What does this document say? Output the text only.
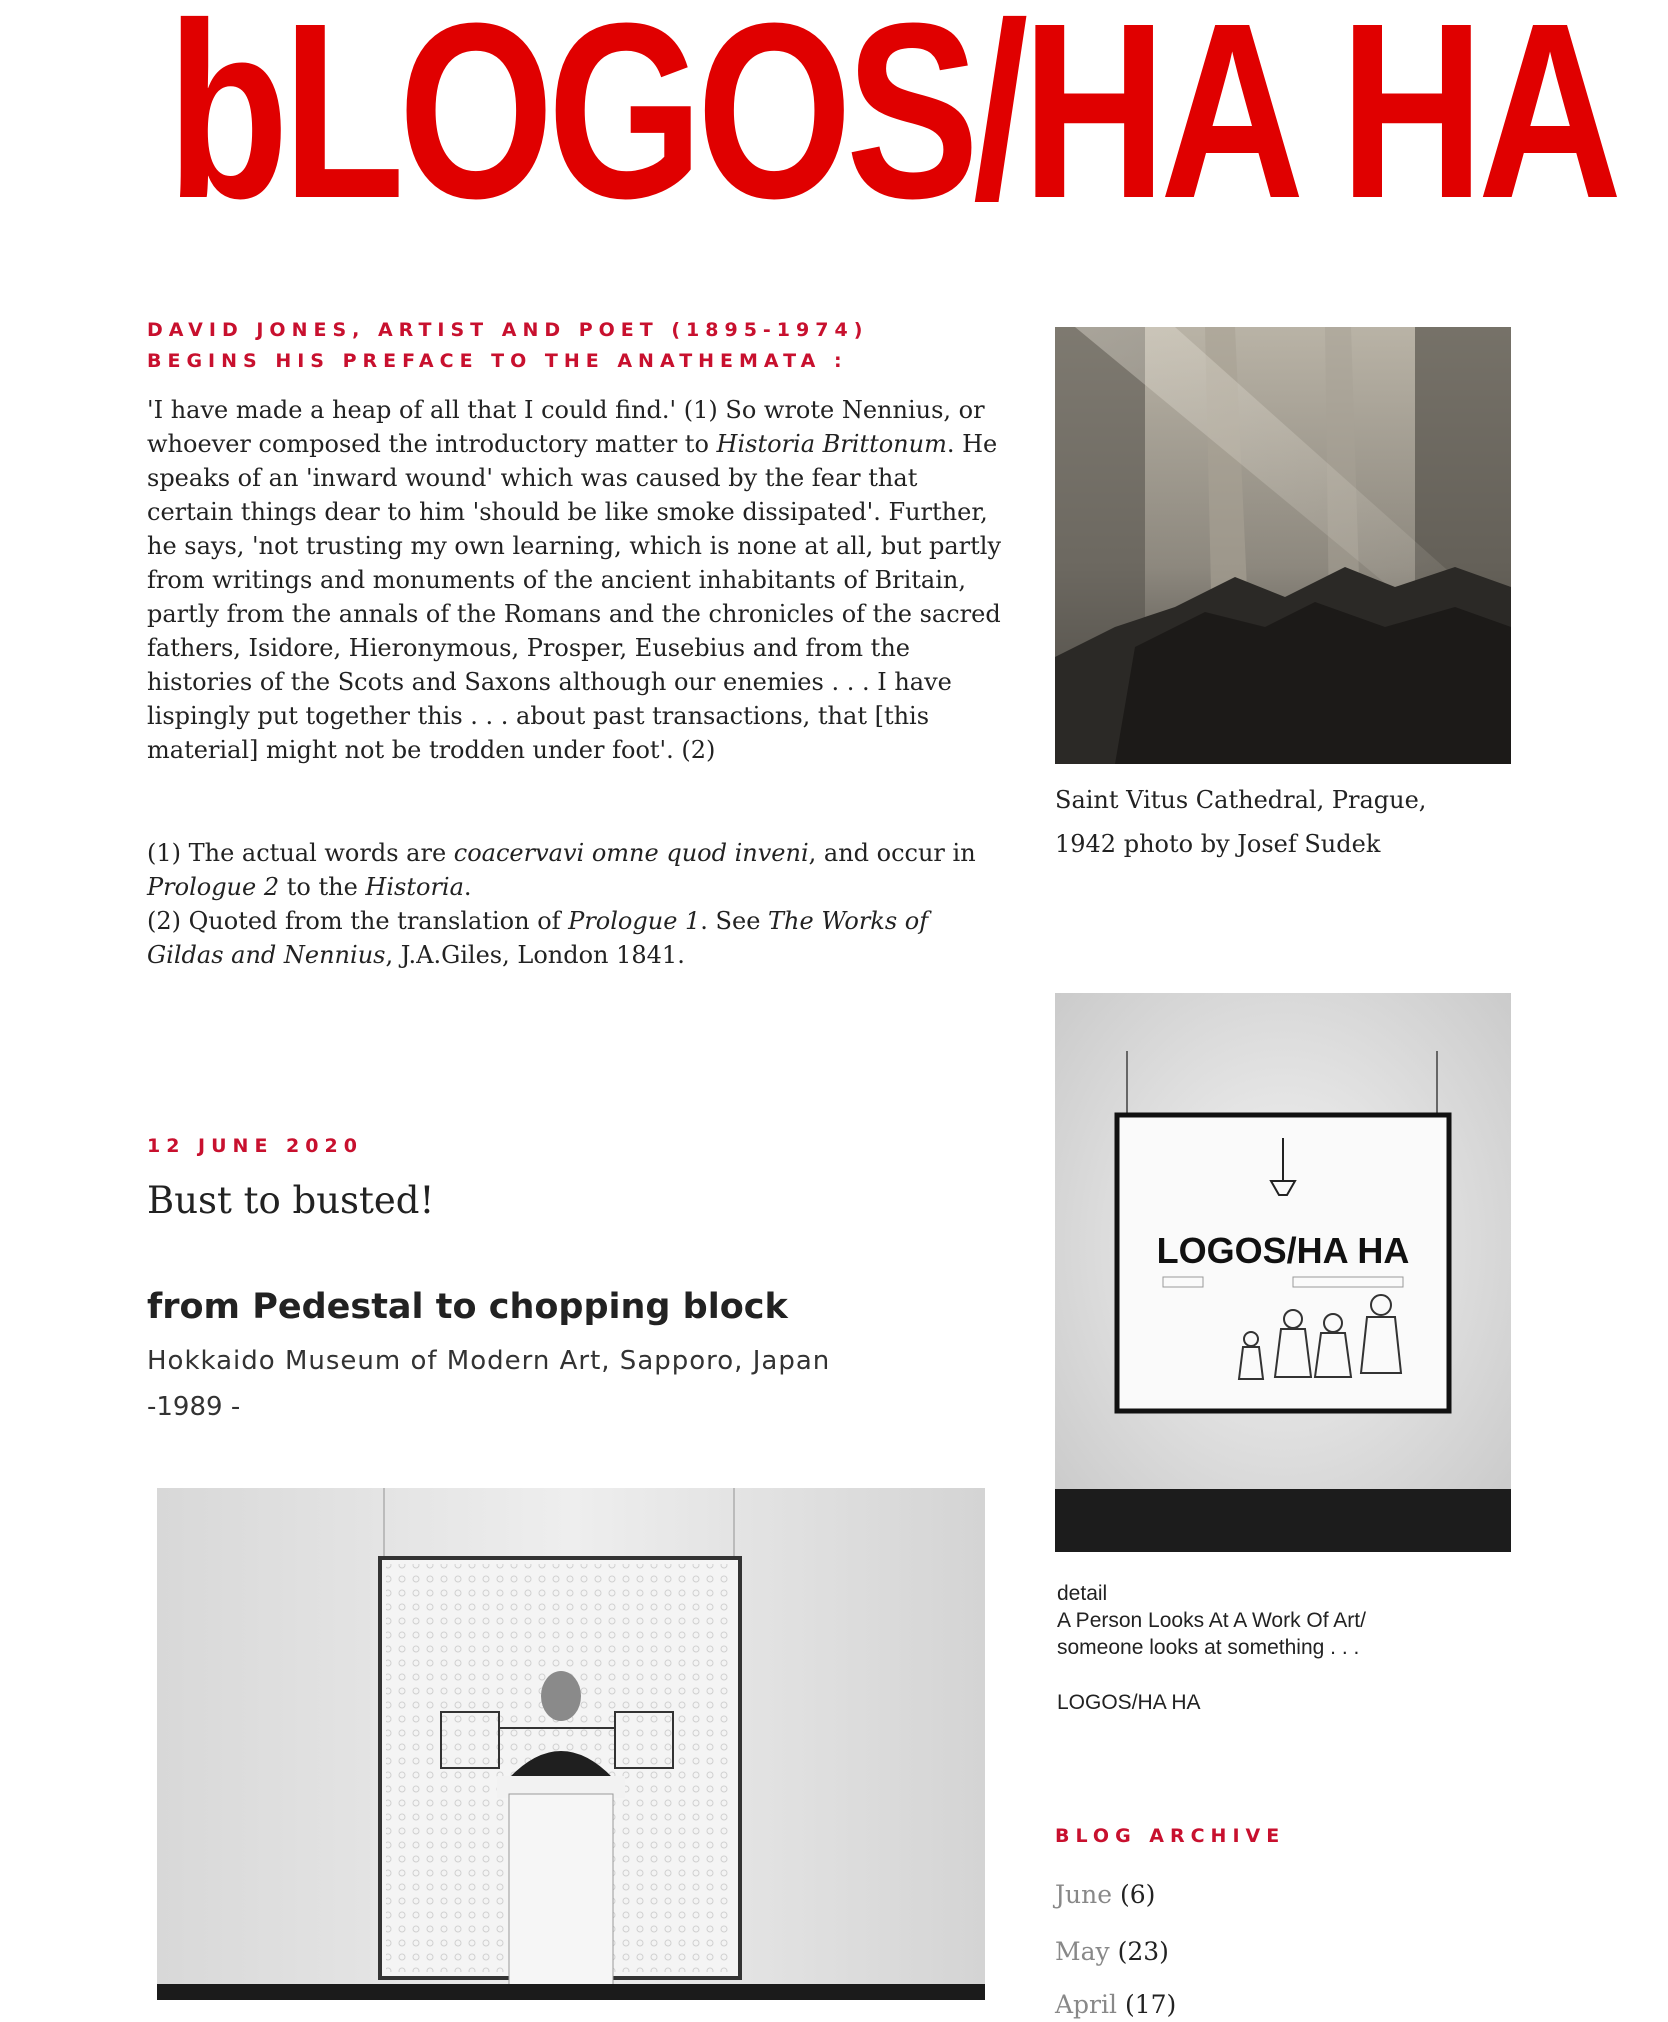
bLOGOS/HA HA
DAVID JONES, ARTIST AND POET (1895-1974)
BEGINS HIS PREFACE TO THE ANATHEMATA :

'I have made a heap of all that I could find.' (1) So wrote Nennius, or whoever composed the introductory matter to Historia Brittonum. He speaks of an 'inward wound' which was caused by the fear that certain things dear to him 'should be like smoke dissipated'. Further, he says, 'not trusting my own learning, which is none at all, but partly from writings and monuments of the ancient inhabitants of Britain, partly from the annals of the Romans and the chronicles of the sacred fathers, Isidore, Hieronymous, Prosper, Eusebius and from the histories of the Scots and Saxons although our enemies . . . I have lispingly put together this . . . about past transactions, that [this material] might not be trodden under foot'. (2)

(1) The actual words are coacervavi omne quod inveni, and occur in Prologue 2 to the Historia.

(2) Quoted from the translation of Prologue 1. See The Works of Gildas and Nennius, J.A.Giles, London 1841.

12 JUNE 2020
Bust to busted!
from Pedestal to chopping block
Hokkaido Museum of Modern Art, Sapporo, Japan
-1989 -
Saint Vitus Cathedral, Prague,
1942 photo by Josef Sudek
LOGOS/HA HA
detail
A Person Looks At A Work Of Art/
someone looks at something . . .
LOGOS/HA HA
BLOG ARCHIVE
June (6)
May (23)
April (17)
